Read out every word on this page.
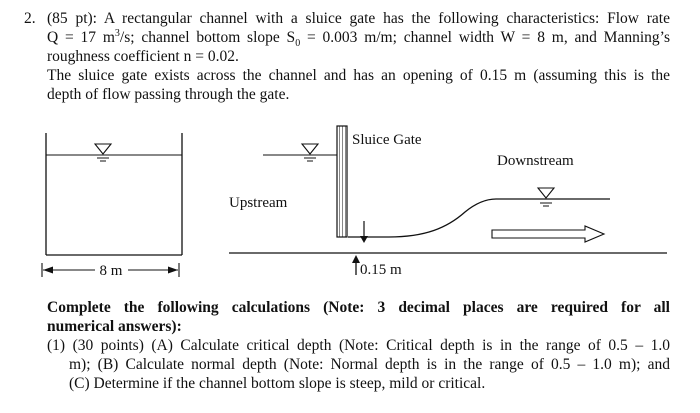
2. (85 pt): A rectangular channel with a sluice gate has the following characteristics: Flow rate
Q = 17 $m^3/s$; channel bottom slope $S_0 = 0.003$ m/m; channel width W = 8 m, and Manning’s
roughness coefficient n = 0.02.
The sluice gate exists across the channel and has an opening of 0.15 m (assuming this is the
depth of flow passing through the gate.
8 m
Upstream
Sluice Gate
0.15 m
Downstream
Complete the following calculations (Note: 3 decimal places are required for all
numerical answers):
(1) (30 points) (A) Calculate critical depth (Note: Critical depth is in the range of 0.5 – 1.0
m); (B) Calculate normal depth (Note: Normal depth is in the range of 0.5 – 1.0 m); and
(C) Determine if the channel bottom slope is steep, mild or critical.
